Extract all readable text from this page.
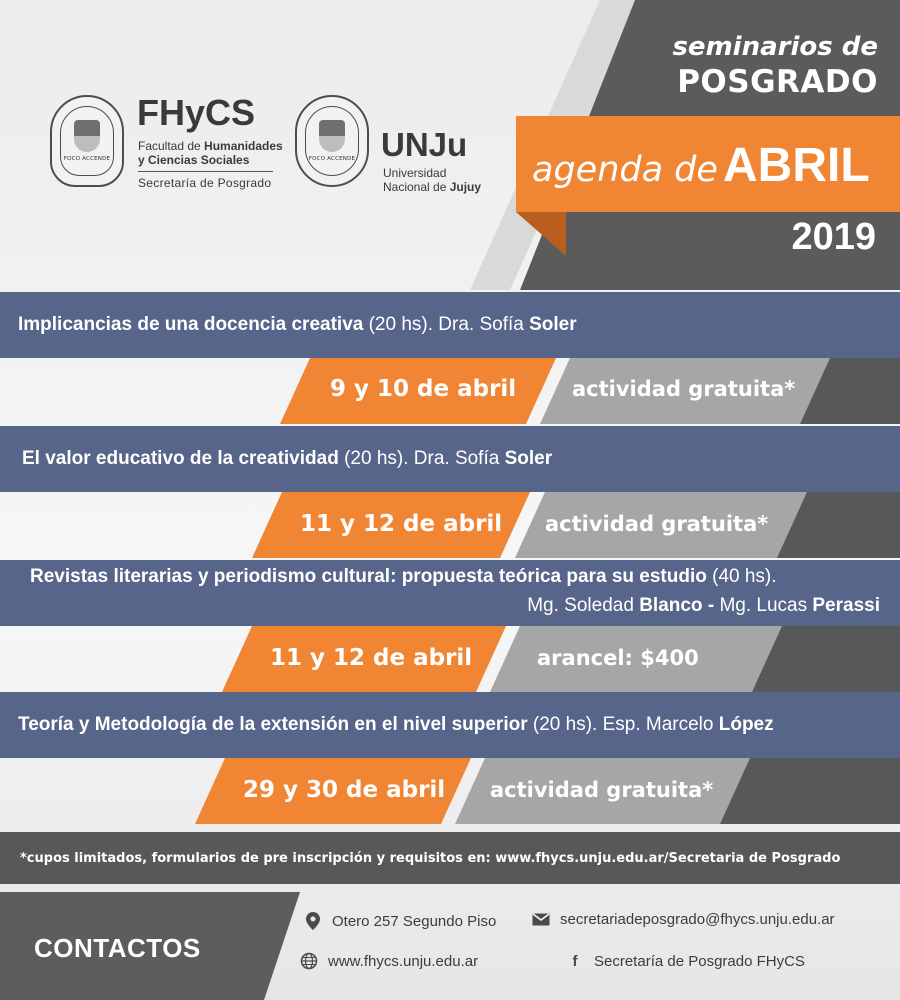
seminarios de
POSGRADO
agenda de ABRIL
2019
FOCO ACCENDE
FHyCS
Facultad de Humanidades
y Ciencias Sociales
Secretaría de Posgrado
FOCO ACCENDE UNJu
Universidad
Nacional de Jujuy
Implicancias de una docencia creativa (20 hs). Dra. Sofía Soler
9 y 10 de abril	actividad gratuita*
El valor educativo de la creatividad (20 hs). Dra. Sofía Soler
11 y 12 de abril actividad gratuita*
Revistas literarias y periodismo cultural: propuesta teórica para su estudio (40 hs).
Mg. Soledad Blanco - Mg. Lucas Perassi
11 y 12 de abril	arancel: $400
Teoría y Metodología de la extensión en el nivel superior (20 hs). Esp. Marcelo López
29 y 30 de abril actividad gratuita*
*cupos limitados, formularios de pre inscripción y requisitos en: www.fhycs.unju.edu.ar/Secretaria de Posgrado
CONTACTOS
Otero 257 Segundo Piso	secretariadeposgrado@fhycs.unju.edu.ar
www.fhycs.unju.edu.ar	f	Secretaría de Posgrado FHyCS
